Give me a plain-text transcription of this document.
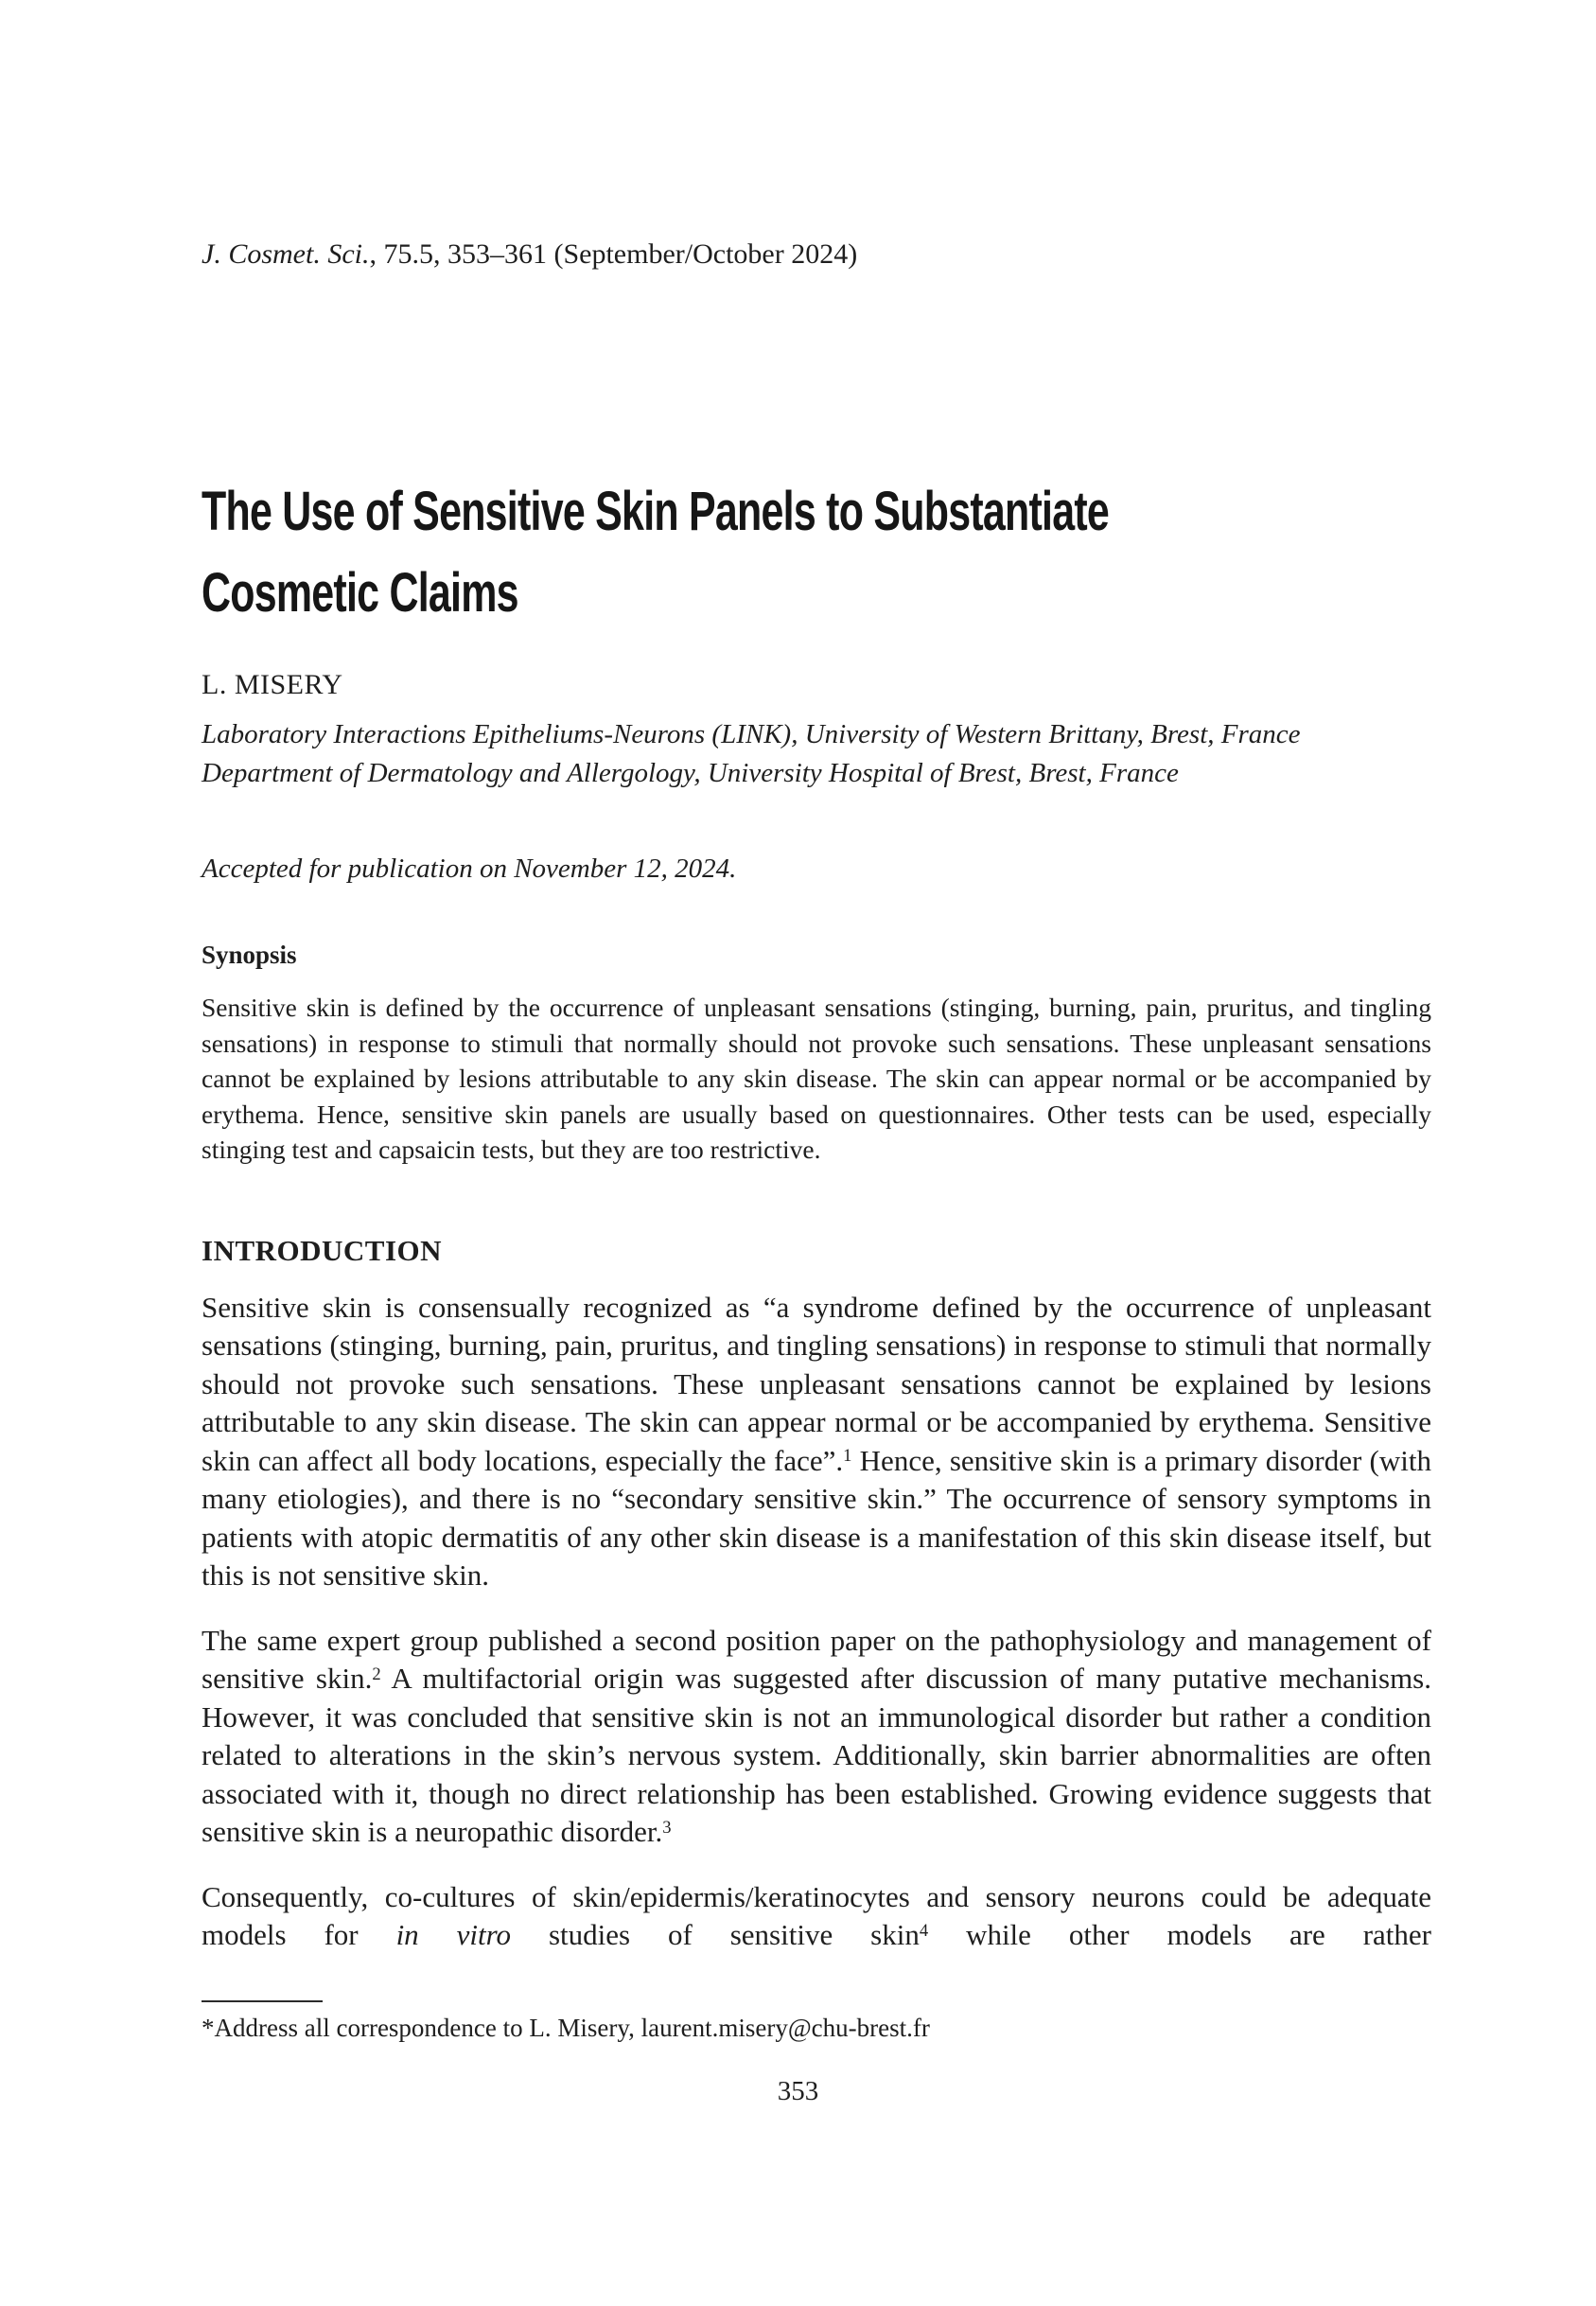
J. Cosmet. Sci., 75.5, 353–361 (September/October 2024)
The Use of Sensitive Skin Panels to Substantiate
Cosmetic Claims
L. MISERY
Laboratory Interactions Epitheliums-Neurons (LINK), University of Western Brittany, Brest, France
Department of Dermatology and Allergology, University Hospital of Brest, Brest, France
Accepted for publication on November 12, 2024.
Synopsis
Sensitive skin is defined by the occurrence of unpleasant sensations (stinging, burning, pain, pruritus, and tingling sensations) in response to stimuli that normally should not provoke such sensations. These unpleasant sensations cannot be explained by lesions attributable to any skin disease. The skin can appear normal or be accompanied by erythema. Hence, sensitive skin panels are usually based on questionnaires. Other tests can be used, especially stinging test and capsaicin tests, but they are too restrictive.
INTRODUCTION
Sensitive skin is consensually recognized as “a syndrome defined by the occurrence of unpleasant sensations (stinging, burning, pain, pruritus, and tingling sensations) in response to stimuli that normally should not provoke such sensations. These unpleasant sensations cannot be explained by lesions attributable to any skin disease. The skin can appear normal or be accompanied by erythema. Sensitive skin can affect all body locations, especially the face”.$^1$ Hence, sensitive skin is a primary disorder (with many etiologies), and there is no “secondary sensitive skin.” The occurrence of sensory symptoms in patients with atopic dermatitis of any other skin disease is a manifestation of this skin disease itself, but this is not sensitive skin.
The same expert group published a second position paper on the pathophysiology and management of sensitive skin.$^2$ A multifactorial origin was suggested after discussion of many putative mechanisms. However, it was concluded that sensitive skin is not an immunological disorder but rather a condition related to alterations in the skin’s nervous system. Additionally, skin barrier abnormalities are often associated with it, though no direct relationship has been established. Growing evidence suggests that sensitive skin is a neuropathic disorder.$^3$
Consequently, co-cultures of skin/epidermis/keratinocytes and sensory neurons could be adequate models for in vitro studies of sensitive skin$^4$ while other models are rather
*Address all correspondence to L. Misery, laurent.misery@chu-brest.fr
353
